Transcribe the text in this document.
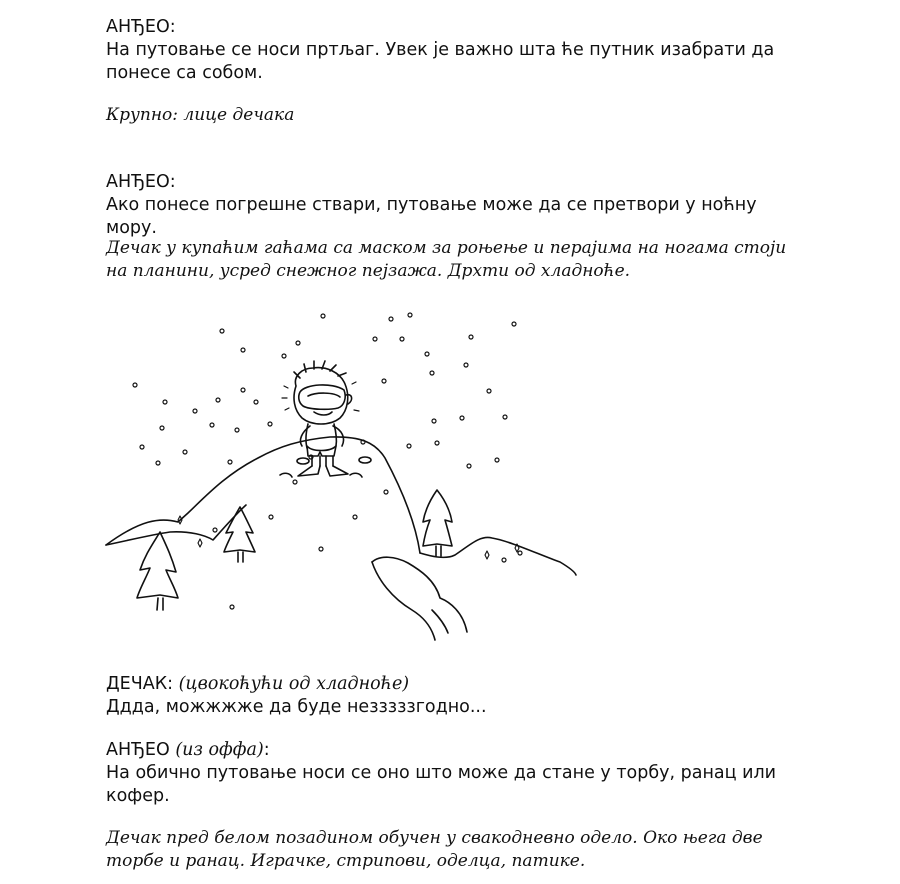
АНЂЕО:
На путовање се носи пртљаг. Увек је важно шта ће путник изабрати да
понесе са собом.

Крупно: лице дечака

АНЂЕО:
Ако понесе погрешне ствари, путовање може да се претвори у ноћну мору.

Дечак у купаћим гаћама са маском за роњење и перајима на ногама стоји
на планини, усред снежног пејзажа. Дрхти од хладноће.

ДЕЧАК: (цвокоћући од хладноће)
Дддa, можжжже да буде незззззгодно...

АНЂЕО (из оффа):
На обично путовање носи се оно што може да стане у торбу, ранац или
кофер.

Дечак пред белом позадином обучен у свакодневно одело. Око њега две
торбе и ранац. Играчке, стрипови, оделца, патике.
